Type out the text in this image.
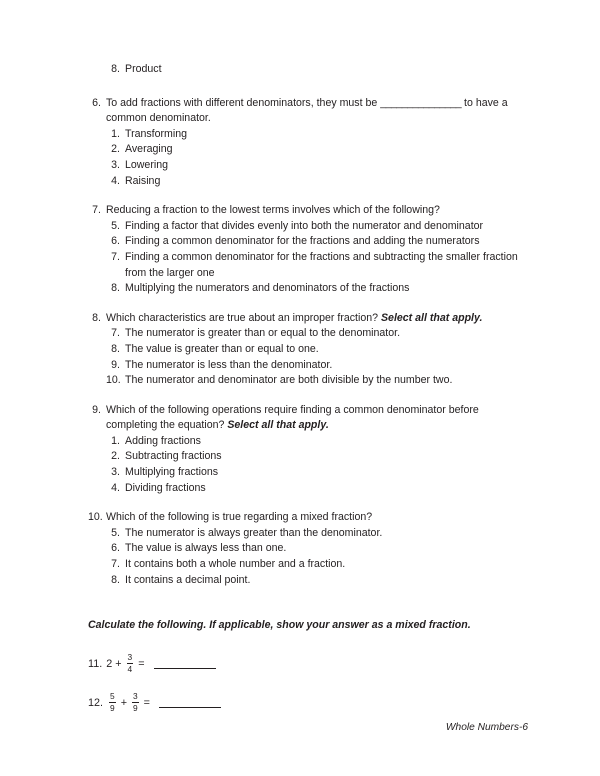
8. Product
6. To add fractions with different denominators, they must be _______________ to have a common denominator.
1. Transforming
2. Averaging
3. Lowering
4. Raising
7. Reducing a fraction to the lowest terms involves which of the following?
5. Finding a factor that divides evenly into both the numerator and denominator
6. Finding a common denominator for the fractions and adding the numerators
7. Finding a common denominator for the fractions and subtracting the smaller fraction from the larger one
8. Multiplying the numerators and denominators of the fractions
8. Which characteristics are true about an improper fraction? Select all that apply.
7. The numerator is greater than or equal to the denominator.
8. The value is greater than or equal to one.
9. The numerator is less than the denominator.
10. The numerator and denominator are both divisible by the number two.
9. Which of the following operations require finding a common denominator before completing the equation? Select all that apply.
1. Adding fractions
2. Subtracting fractions
3. Multiplying fractions
4. Dividing fractions
10. Which of the following is true regarding a mixed fraction?
5. The numerator is always greater than the denominator.
6. The value is always less than one.
7. It contains both a whole number and a fraction.
8. It contains a decimal point.
Calculate the following. If applicable, show your answer as a mixed fraction.
11. $2 + \frac{3}{4}$ =
12. $\frac{5}{9} + \frac{3}{9}$ =
Whole Numbers-6
